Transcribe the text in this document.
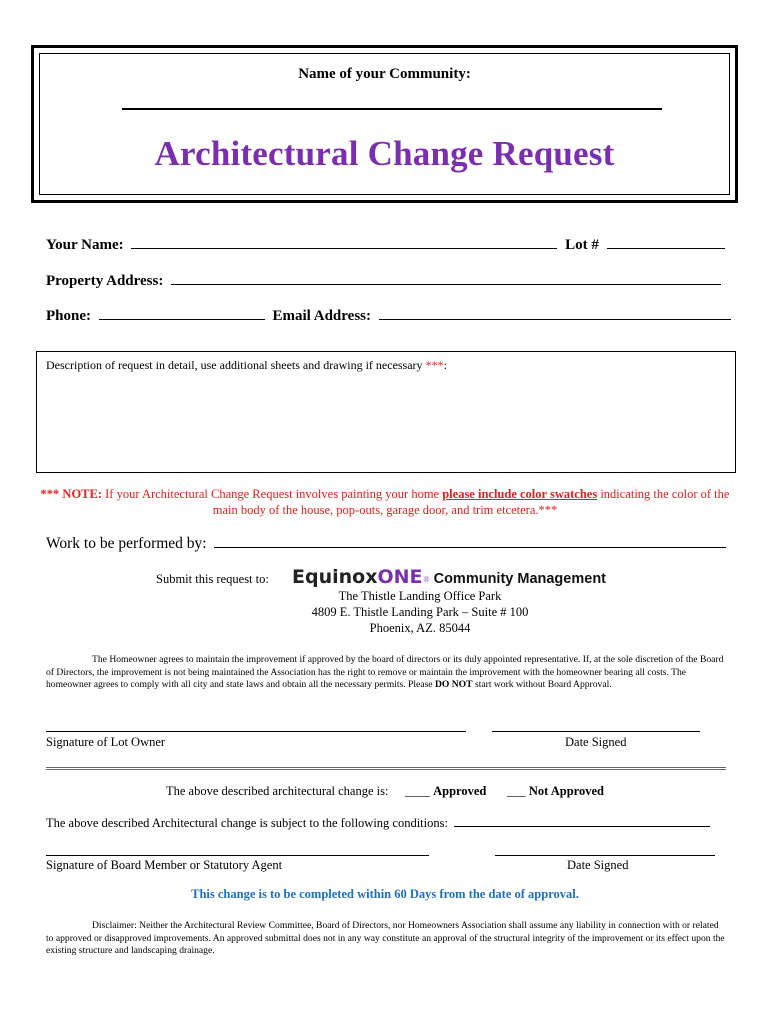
Name of your Community:
Architectural Change Request
Your Name:	Lot #
Property Address:
Phone:	Email Address:
Description of request in detail, use additional sheets and drawing if necessary ***:
*** NOTE: If your Architectural Change Request involves painting your home please include color swatches indicating the color of the main body of the house, pop-outs, garage door, and trim etcetera.***
Work to be performed by:
Submit this request to: EquinoxONE® Community Management
The Thistle Landing Office Park
4809 E. Thistle Landing Park – Suite # 100
Phoenix, AZ. 85044
The Homeowner agrees to maintain the improvement if approved by the board of directors or its duly appointed representative. If, at the sole discretion of the Board of Directors, the improvement is not being maintained the Association has the right to remove or maintain the improvement with the homeowner bearing all costs. The homeowner agrees to comply with all city and state laws and obtain all the necessary permits. Please DO NOT start work without Board Approval.
Signature of Lot Owner	Date Signed
The above described architectural change is: ____ Approved ___ Not Approved
The above described Architectural change is subject to the following conditions:
Signature of Board Member or Statutory Agent	Date Signed
This change is to be completed within 60 Days from the date of approval.
Disclaimer: Neither the Architectural Review Committee, Board of Directors, nor Homeowners Association shall assume any liability in connection with or related to approved or disapproved improvements. An approved submittal does not in any way constitute an approval of the structural integrity of the improvement or its effect upon the existing structure and landscaping drainage.
